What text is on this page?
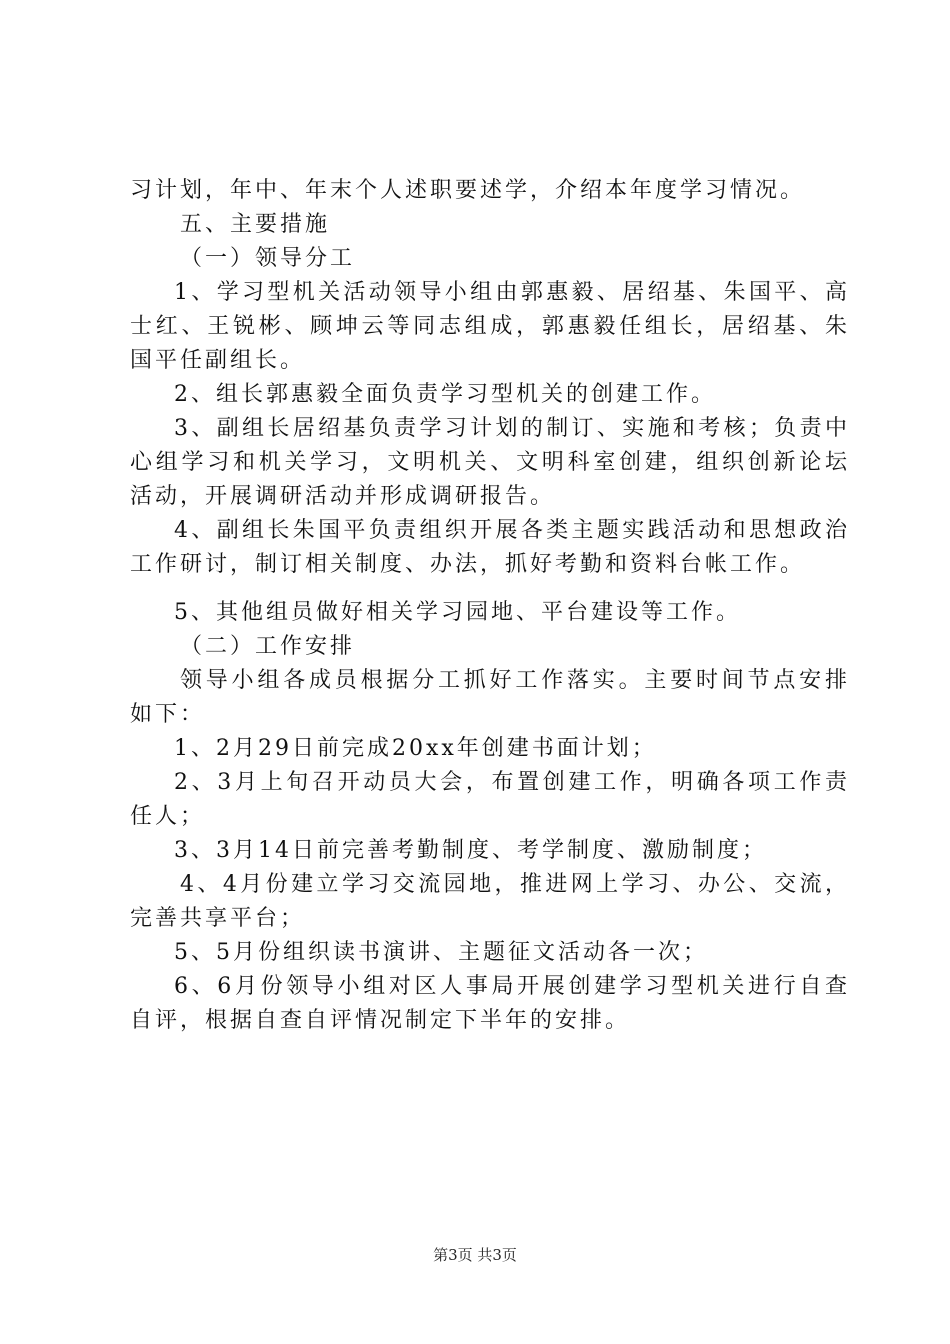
习计划，年中、年末个人述职要述学，介绍本年度学习情况。

五、主要措施

（一）领导分工

1、学习型机关活动领导小组由郭惠毅、居绍基、朱国平、高士红、王锐彬、顾坤云等同志组成，郭惠毅任组长，居绍基、朱国平任副组长。

2、组长郭惠毅全面负责学习型机关的创建工作。

3、副组长居绍基负责学习计划的制订、实施和考核；负责中心组学习和机关学习，文明机关、文明科室创建，组织创新论坛活动，开展调研活动并形成调研报告。

4、副组长朱国平负责组织开展各类主题实践活动和思想政治工作研讨，制订相关制度、办法，抓好考勤和资料台帐工作。

5、其他组员做好相关学习园地、平台建设等工作。

（二）工作安排

领导小组各成员根据分工抓好工作落实。主要时间节点安排如下：

1、2月29日前完成20xx年创建书面计划；

2、3月上旬召开动员大会，布置创建工作，明确各项工作责任人；

3、3月14日前完善考勤制度、考学制度、激励制度；

4、4月份建立学习交流园地，推进网上学习、办公、交流，完善共享平台；

5、5月份组织读书演讲、主题征文活动各一次；

6、6月份领导小组对区人事局开展创建学习型机关进行自查自评，根据自查自评情况制定下半年的安排。

第3页 共3页
